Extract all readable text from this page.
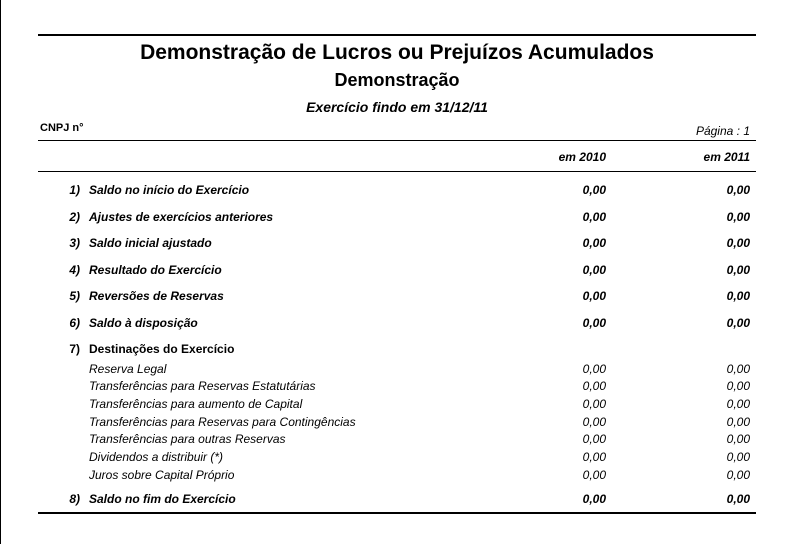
Demonstração de Lucros ou Prejuízos Acumulados
Demonstração
Exercício findo em 31/12/11
CNPJ n°	Página : 1
em 2010	em 2011
1) Saldo no início do Exercício	0,00	0,00
2) Ajustes de exercícios anteriores	0,00	0,00
3) Saldo inicial ajustado	0,00	0,00
4) Resultado do Exercício	0,00	0,00
5) Reversões de Reservas	0,00	0,00
6) Saldo à disposição	0,00	0,00
7) Destinações do Exercício
Reserva Legal	0,00	0,00
Transferências para Reservas Estatutárias	0,00	0,00
Transferências para aumento de Capital	0,00	0,00
Transferências para Reservas para Contingências	0,00	0,00
Transferências para outras Reservas	0,00	0,00
Dividendos a distribuir (*)	0,00	0,00
Juros sobre Capital Próprio	0,00	0,00
8) Saldo no fim do Exercício	0,00	0,00
